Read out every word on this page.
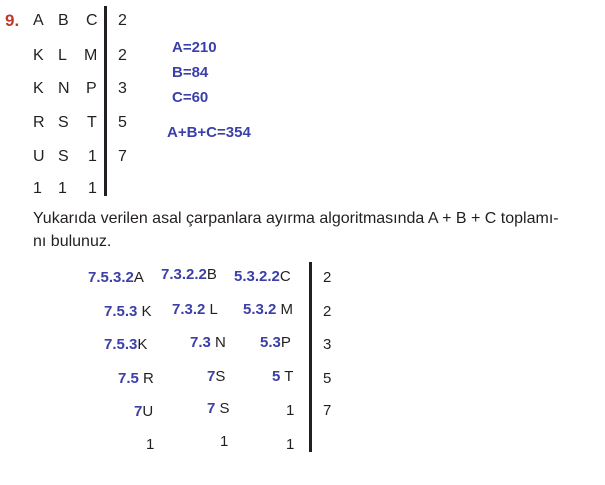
9. A B C 2
K L M 2
K N P 3
R S T 5
U S 1 7
1 1 1
A=210
B=84
C=60
A+B+C=354
Yukarıda verilen asal çarpanlara ayırma algoritmasında A + B + C toplamı-
nı bulunuz.
7.5.3.2A 7.3.2.2B 5.3.2.2C 2
7.5.3 K 7.3.2 L 5.3.2 M 2
7.5.3K	7.3 N 5.3P 3
7.5 R	7S	5 T 5
7U	7 S	1 7
1	1	1
